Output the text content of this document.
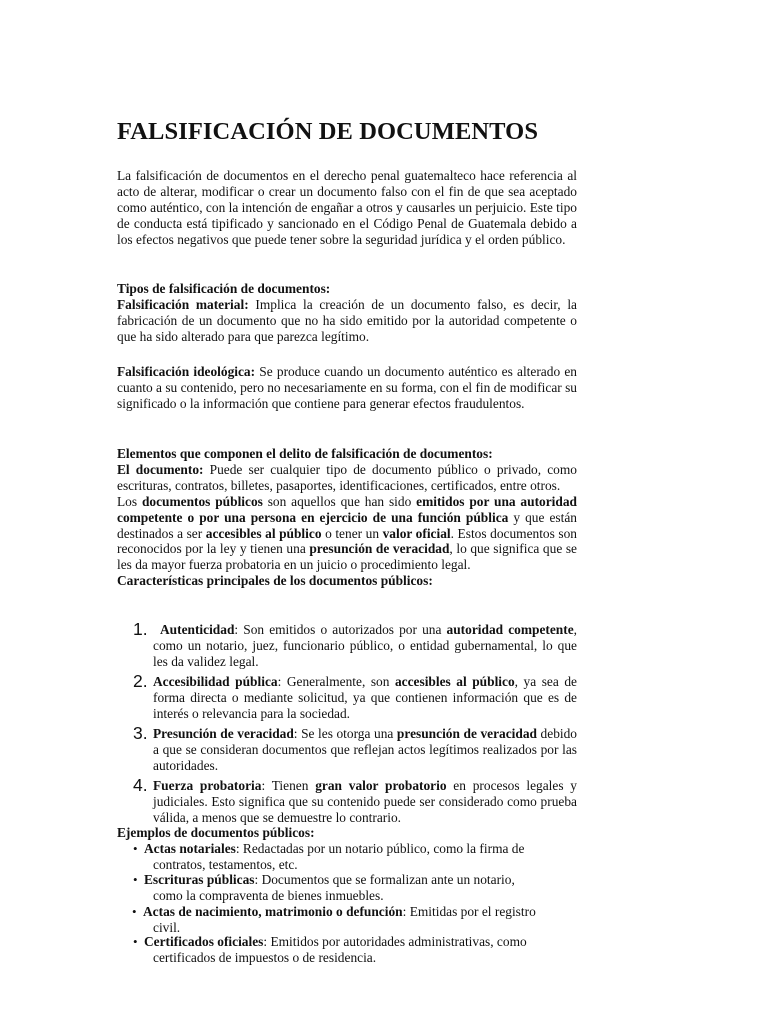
FALSIFICACIÓN DE DOCUMENTOS

La falsificación de documentos en el derecho penal guatemalteco hace referencia al acto de alterar, modificar o crear un documento falso con el fin de que sea aceptado como auténtico, con la intención de engañar a otros y causarles un perjuicio. Este tipo de conducta está tipificado y sancionado en el Código Penal de Guatemala debido a los efectos negativos que puede tener sobre la seguridad jurídica y el orden público.

Tipos de falsificación de documentos:
Falsificación material: Implica la creación de un documento falso, es decir, la fabricación de un documento que no ha sido emitido por la autoridad competente o que ha sido alterado para que parezca legítimo.

Falsificación ideológica: Se produce cuando un documento auténtico es alterado en cuanto a su contenido, pero no necesariamente en su forma, con el fin de modificar su significado o la información que contiene para generar efectos fraudulentos.

Elementos que componen el delito de falsificación de documentos:
El documento: Puede ser cualquier tipo de documento público o privado, como escrituras, contratos, billetes, pasaportes, identificaciones, certificados, entre otros.
Los documentos públicos son aquellos que han sido emitidos por una autoridad competente o por una persona en ejercicio de una función pública y que están destinados a ser accesibles al público o tener un valor oficial. Estos documentos son reconocidos por la ley y tienen una presunción de veracidad, lo que significa que se les da mayor fuerza probatoria en un juicio o procedimiento legal.
Características principales de los documentos públicos:

1. Autenticidad: Son emitidos o autorizados por una autoridad competente, como un notario, juez, funcionario público, o entidad gubernamental, lo que les da validez legal.
2. Accesibilidad pública: Generalmente, son accesibles al público, ya sea de forma directa o mediante solicitud, ya que contienen información que es de interés o relevancia para la sociedad.
3. Presunción de veracidad: Se les otorga una presunción de veracidad debido a que se consideran documentos que reflejan actos legítimos realizados por las autoridades.
4. Fuerza probatoria: Tienen gran valor probatorio en procesos legales y judiciales. Esto significa que su contenido puede ser considerado como prueba válida, a menos que se demuestre lo contrario.

Ejemplos de documentos públicos:

• Actas notariales: Redactadas por un notario público, como la firma de
contratos, testamentos, etc.
• Escrituras públicas: Documentos que se formalizan ante un notario,
como la compraventa de bienes inmuebles.
• Actas de nacimiento, matrimonio o defunción: Emitidas por el registro
civil.
• Certificados oficiales: Emitidos por autoridades administrativas, como
certificados de impuestos o de residencia.
